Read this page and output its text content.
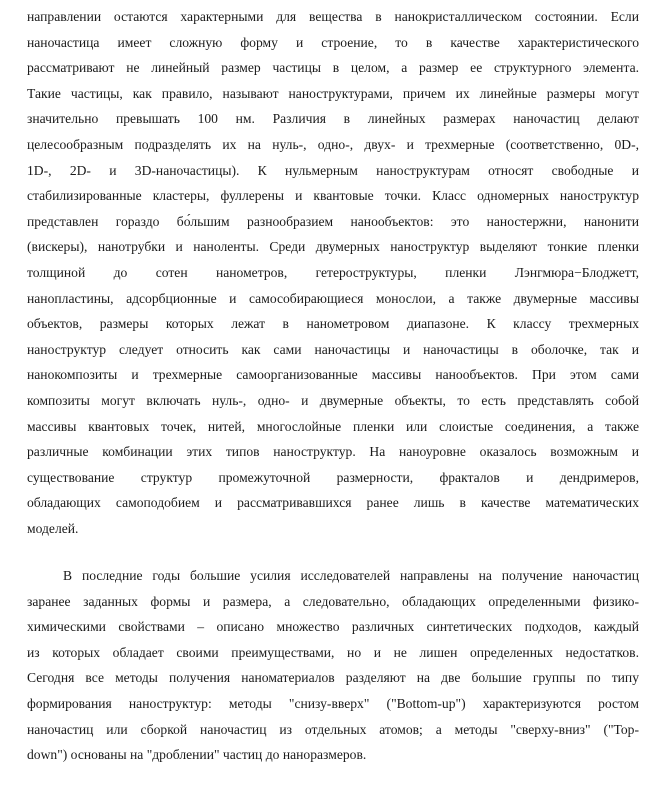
направлении остаются характерными для вещества в нанокристаллическом состоянии. Если
наночастица имеет сложную форму и строение, то в качестве характеристического
рассматривают не линейный размер частицы в целом, а размер ее структурного элемента.
Такие частицы, как правило, называют наноструктурами, причем их линейные размеры могут
значительно превышать 100 нм. Различия в линейных размерах наночастиц делают
целесообразным подразделять их на нуль-, одно-, двух- и трехмерные (соответственно, 0D-,
1D-, 2D- и 3D-наночастицы). К нульмерным наноструктурам относят свободные и
стабилизированные кластеры, фуллерены и квантовые точки. Класс одномерных наноструктур
представлен гораздо бо́льшим разнообразием нанообъектов: это наностержни, нанонити
(вискеры), нанотрубки и наноленты. Среди двумерных наноструктур выделяют тонкие пленки
толщиной до сотен нанометров, гетероструктуры, пленки Лэнгмюра−Блоджетт,
нанопластины, адсорбционные и самособирающиеся монослои, а также двумерные массивы
объектов, размеры которых лежат в нанометровом диапазоне. К классу трехмерных
наноструктур следует относить как сами наночастицы и наночастицы в оболочке, так и
нанокомпозиты и трехмерные самоорганизованные массивы нанообъектов. При этом сами
композиты могут включать нуль-, одно- и двумерные объекты, то есть представлять собой
массивы квантовых точек, нитей, многослойные пленки или слоистые соединения, а также
различные комбинации этих типов наноструктур. На наноуровне оказалось возможным и
существование структур промежуточной размерности, фракталов и дендримеров,
обладающих самоподобием и рассматривавшихся ранее лишь в качестве математических
моделей.
В последние годы большие усилия исследователей направлены на получение наночастиц
заранее заданных формы и размера, а следовательно, обладающих определенными физико-
химическими свойствами – описано множество различных синтетических подходов, каждый
из которых обладает своими преимуществами, но и не лишен определенных недостатков.
Сегодня все методы получения наноматериалов разделяют на две большие группы по типу
формирования наноструктур: методы "снизу-вверх" ("Bottom-up") характеризуются ростом
наночастиц или сборкой наночастиц из отдельных атомов; а методы "сверху-вниз" ("Top-
down") основаны на "дроблении" частиц до наноразмеров.
